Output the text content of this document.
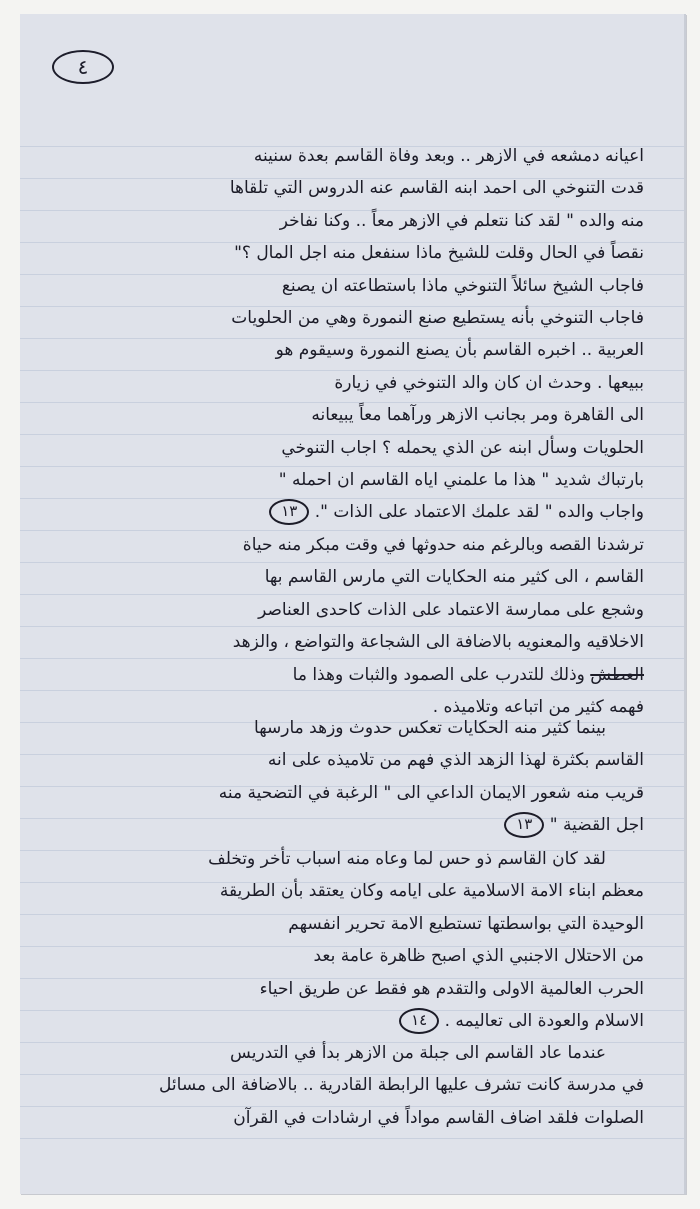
٤
اعيانه دمشعه في الازهر .. وبعد وفاة القاسم بعدة سنينه
قدت التنوخي الى احمد ابنه القاسم عنه الدروس التي تلقاها
منه والده " لقد كنا نتعلم في الازهر معاً .. وكنا نفاخر
نقصاً في الحال وقلت للشيخ ماذا سنفعل منه اجل المال ؟"
فاجاب الشيخ سائلاً التنوخي ماذا باستطاعته ان يصنع
فاجاب التنوخي بأنه يستطيع صنع النمورة وهي من الحلويات
العربية .. اخبره القاسم بأن يصنع النمورة وسيقوم هو
ببيعها . وحدث ان كان والد التنوخي في زيارة
الى القاهرة ومر بجانب الازهر ورآهما معاً يبيعانه
الحلويات وسأل ابنه عن الذي يحمله ؟ اجاب التنوخي
بارتباك شديد " هذا ما علمني اياه القاسم ان احمله "
واجاب والده " لقد علمك الاعتماد على الذات ". ١٣
ترشدنا القصه وبالرغم منه حدوثها في وقت مبكر منه حياة
القاسم ، الى كثير منه الحكايات التي مارس القاسم بها
وشجع على ممارسة الاعتماد على الذات كاحدى العناصر
الاخلاقيه والمعنويه بالاضافة الى الشجاعة والتواضع ، والزهد
العطش وذلك للتدرب على الصمود والثبات وهذا ما
فهمه كثير من اتباعه وتلاميذه .
بينما كثير منه الحكايات تعكس حدوث وزهد مارسها
القاسم بكثرة لهذا الزهد الذي فهم من تلاميذه على انه
قريب منه شعور الايمان الداعي الى " الرغبة في التضحية منه
اجل القضية " ١٣
لقد كان القاسم ذو حس لما وعاه منه اسباب تأخر وتخلف
معظم ابناء الامة الاسلامية على ايامه وكان يعتقد بأن الطريقة
الوحيدة التي بواسطتها تستطيع الامة تحرير انفسهم
من الاحتلال الاجنبي الذي اصبح ظاهرة عامة بعد
الحرب العالمية الاولى والتقدم هو فقط عن طريق احياء
الاسلام والعودة الى تعاليمه . ١٤
عندما عاد القاسم الى جبلة من الازهر بدأ في التدريس
في مدرسة كانت تشرف عليها الرابطة القادرية .. بالاضافة الى مسائل
الصلوات فلقد اضاف القاسم مواداً في ارشادات في القرآن
